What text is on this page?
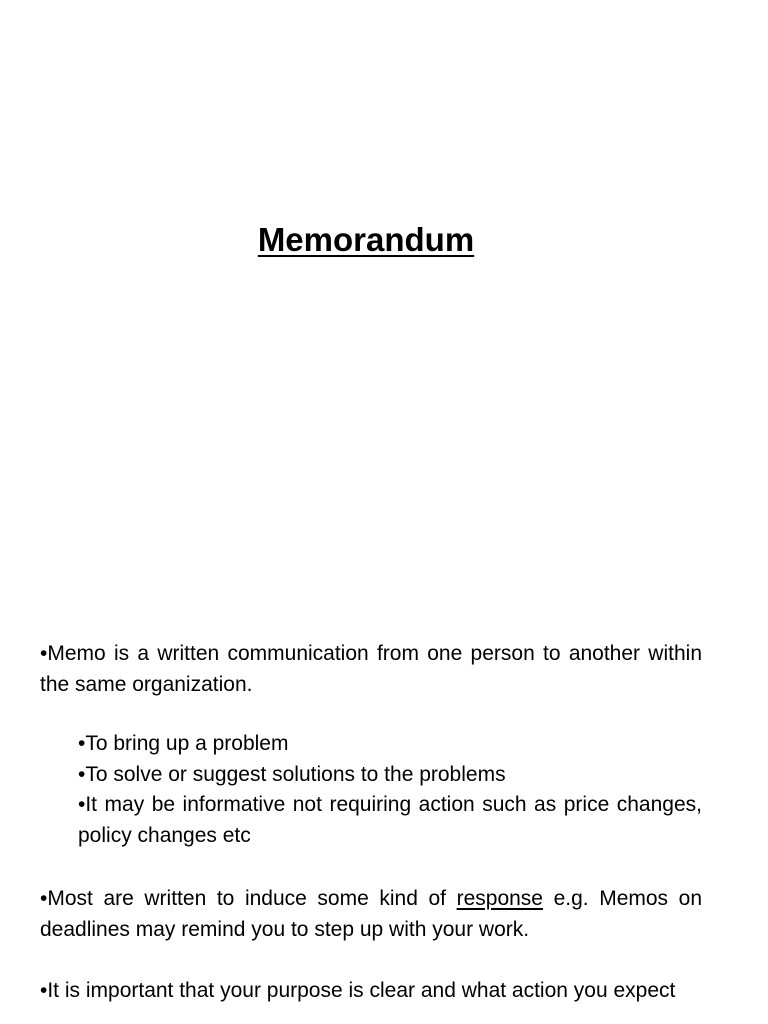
Memorandum

•Memo is a written communication from one person to another within the same organization.

•To bring up a problem
•To solve or suggest solutions to the problems
•It may be informative not requiring action such as price changes, policy changes etc

•Most are written to induce some kind of response e.g. Memos on deadlines may remind you to step up with your work.

•It is important that your purpose is clear and what action you expect
